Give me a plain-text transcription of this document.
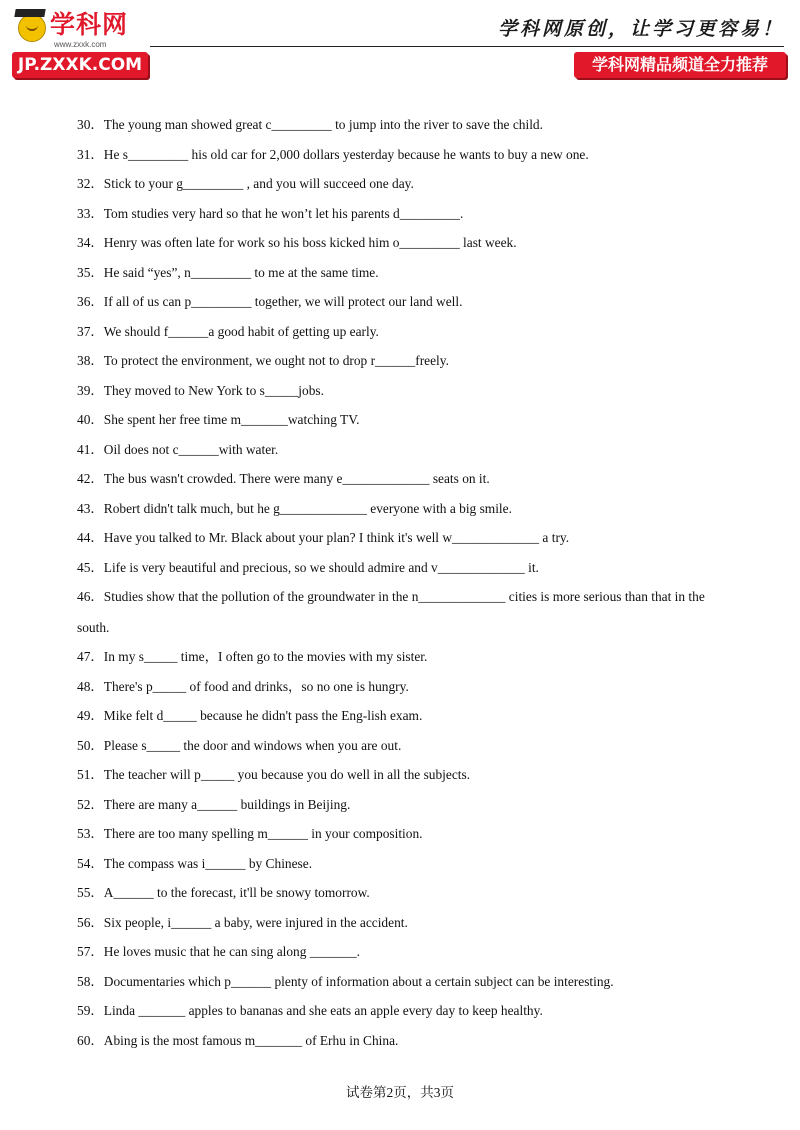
学科网
www.zxxk.com
JP.ZXXK.COM
学科网原创，让学习更容易！
学科网精品频道全力推荐
30．The young man showed great c_________ to jump into the river to save the child.
31．He s_________ his old car for 2,000 dollars yesterday because he wants to buy a new one.
32．Stick to your g_________ , and you will succeed one day.
33．Tom studies very hard so that he won’t let his parents d_________.
34．Henry was often late for work so his boss kicked him o_________ last week.
35．He said “yes”, n_________ to me at the same time.
36．If all of us can p_________ together, we will protect our land well.
37．We should f______a good habit of getting up early.
38．To protect the environment, we ought not to drop r______freely.
39．They moved to New York to s_____jobs.
40．She spent her free time m_______watching TV.
41．Oil does not c______with water.
42．The bus wasn't crowded. There were many e_____________ seats on it.
43．Robert didn't talk much, but he g_____________ everyone with a big smile.
44．Have you talked to Mr. Black about your plan? I think it's well w_____________ a try.
45．Life is very beautiful and precious, so we should admire and v_____________ it.
46．Studies show that the pollution of the groundwater in the n_____________ cities is more serious than that in the south.
47．In my s_____ time，I often go to the movies with my sister.
48．There's p_____ of food and drinks，so no one is hungry.
49．Mike felt d_____ because he didn't pass the Eng-lish exam.
50．Please s_____ the door and windows when you are out.
51．The teacher will p_____ you because you do well in all the subjects.
52．There are many a______ buildings in Beijing.
53．There are too many spelling m______ in your composition.
54．The compass was i______ by Chinese.
55．A______ to the forecast, it'll be snowy tomorrow.
56．Six people, i______ a baby, were injured in the accident.
57．He loves music that he can sing along _______.
58．Documentaries which p______ plenty of information about a certain subject can be interesting.
59．Linda _______ apples to bananas and she eats an apple every day to keep healthy.
60．Abing is the most famous m_______ of Erhu in China.
试卷第2页，共3页
